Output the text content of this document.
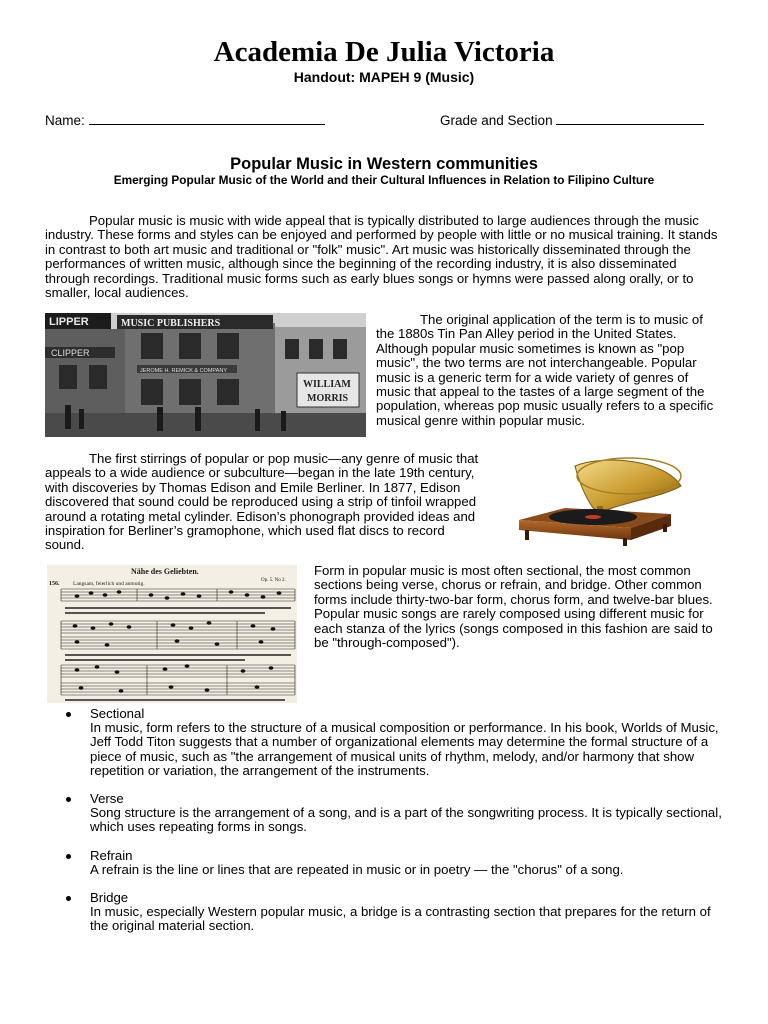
Academia De Julia Victoria
Handout: MAPEH 9 (Music)
Name:	Grade and Section
Popular Music in Western communities
Emerging Popular Music of the World and their Cultural Influences in Relation to Filipino Culture

Popular music is music with wide appeal that is typically distributed to large audiences through the music industry. These forms and styles can be enjoyed and performed by people with little or no musical training. It stands in contrast to both art music and traditional or "folk" music". Art music was historically disseminated through the performances of written music, although since the beginning of the recording industry, it is also disseminated through recordings. Traditional music forms such as early blues songs or hymns were passed along orally, or to smaller, local audiences.

LIPPER	MUSIC PUBLISHERS
JEROME H. REMICK & COMPANY
CLIPPER
WILLIAM
MORRIS

The original application of the term is to music of the 1880s Tin Pan Alley period in the United States. Although popular music sometimes is known as "pop music", the two terms are not interchangeable. Popular music is a generic term for a wide variety of genres of music that appeal to the tastes of a large segment of the population, whereas pop music usually refers to a specific musical genre within popular music.

The first stirrings of popular or pop music—any genre of music that appeals to a wide audience or subculture—began in the late 19th century, with discoveries by Thomas Edison and Emile Berliner. In 1877, Edison discovered that sound could be reproduced using a strip of tinfoil wrapped around a rotating metal cylinder. Edison’s phonograph provided ideas and inspiration for Berliner’s gramophone, which used flat discs to record sound.

Nähe des Geliebten.
156. Langsam, feierlich und anmutig.
Op. 5. No 2.

Form in popular music is most often sectional, the most common sections being verse, chorus or refrain, and bridge. Other common forms include thirty-two-bar form, chorus form, and twelve-bar blues. Popular music songs are rarely composed using different music for each stanza of the lyrics (songs composed in this fashion are said to be "through-composed").

Sectional
In music, form refers to the structure of a musical composition or performance. In his book, Worlds of Music, Jeff Todd Titon suggests that a number of organizational elements may determine the formal structure of a piece of music, such as "the arrangement of musical units of rhythm, melody, and/or harmony that show repetition or variation, the arrangement of the instruments.
Verse
Song structure is the arrangement of a song, and is a part of the songwriting process. It is typically sectional, which uses repeating forms in songs.
Refrain
A refrain is the line or lines that are repeated in music or in poetry — the "chorus" of a song.
Bridge
In music, especially Western popular music, a bridge is a contrasting section that prepares for the return of the original material section.
